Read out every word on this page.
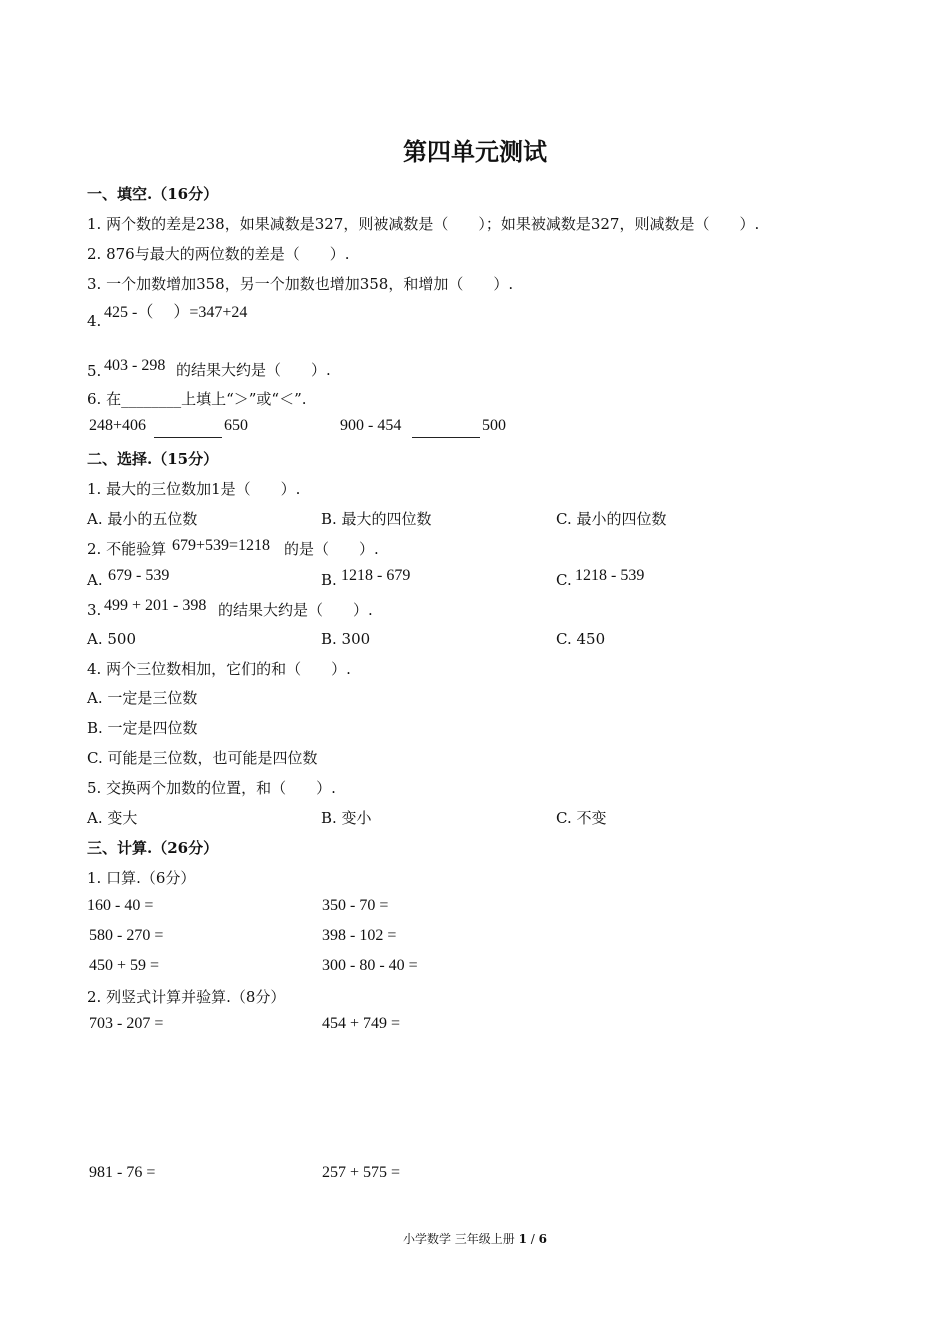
第四单元测试
一、填空.（16分）
1. 两个数的差是238，如果减数是327，则被减数是（　　）；如果被减数是327，则减数是（　　）.
2. 876与最大的两位数的差是（　　）.
3. 一个加数增加358，另一个加数也增加358，和增加（　　）.
4. 425 -（　 ）=347+24
5. 403 - 298 的结果大约是（　　）.
6. 在________上填上“＞”或“＜”.
248+406	650	900 - 454	500
二、选择.（15分）
1. 最大的三位数加1是（　　）.
A. 最小的五位数	B. 最大的四位数	C. 最小的四位数
2. 不能验算 679+539=1218 的是（　　）.
A. 679 - 539	B. 1218 - 679	C. 1218 - 539
3. 499 + 201 - 398 的结果大约是（　　）.
A. 500	B. 300	C. 450
4. 两个三位数相加，它们的和（　　）.
A. 一定是三位数
B. 一定是四位数
C. 可能是三位数，也可能是四位数
5. 交换两个加数的位置，和（　　）.
A. 变大	B. 变小	C. 不变
三、计算.（26分）
1. 口算.（6分）
160 - 40 =	350 - 70 =
580 - 270 =	398 - 102 =
450 + 59 =	300 - 80 - 40 =
2. 列竖式计算并验算.（8分）
703 - 207 =	454 + 749 =
981 - 76 =	257 + 575 =
小学数学 三年级上册 1 / 6
